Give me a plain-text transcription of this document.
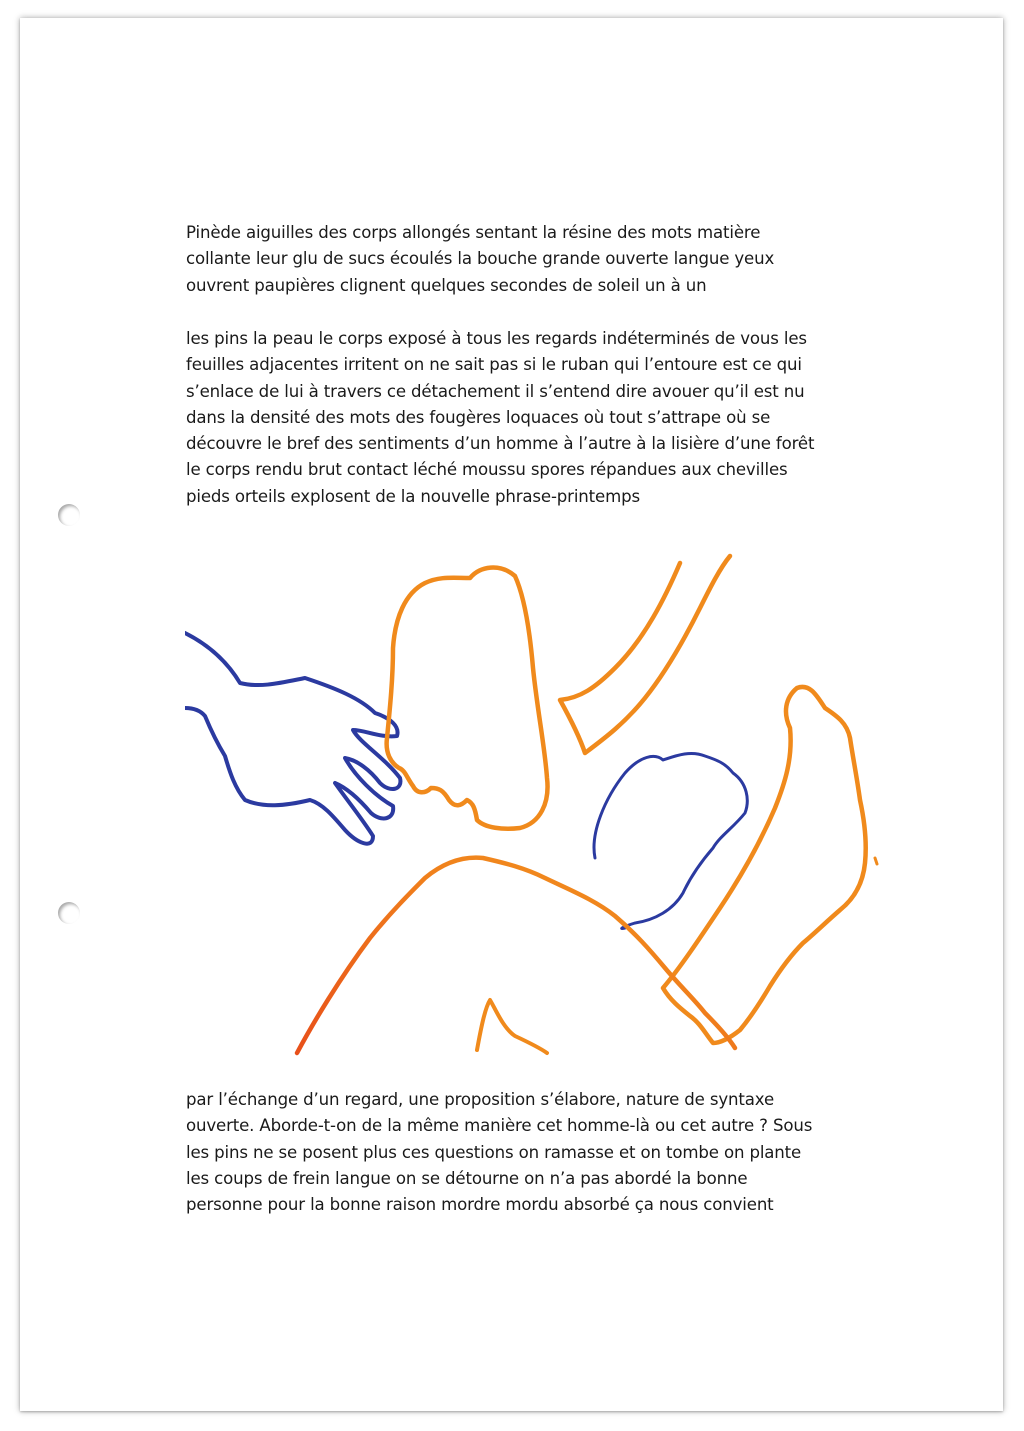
Pinède aiguilles des corps allongés sentant la résine des mots matière
collante leur glu de sucs écoulés la bouche grande ouverte langue yeux
ouvrent paupières clignent quelques secondes de soleil un à un
les pins la peau le corps exposé à tous les regards indéterminés de vous les
feuilles adjacentes irritent on ne sait pas si le ruban qui l’entoure est ce qui
s’enlace de lui à travers ce détachement il s’entend dire avouer qu’il est nu
dans la densité des mots des fougères loquaces où tout s’attrape où se
découvre le bref des sentiments d’un homme à l’autre à la lisière d’une forêt
le corps rendu brut contact léché moussu spores répandues aux chevilles
pieds orteils explosent de la nouvelle phrase-printemps
par l’échange d’un regard, une proposition s’élabore, nature de syntaxe
ouverte. Aborde-t-on de la même manière cet homme-là ou cet autre ? Sous
les pins ne se posent plus ces questions on ramasse et on tombe on plante
les coups de frein langue on se détourne on n’a pas abordé la bonne
personne pour la bonne raison mordre mordu absorbé ça nous convient
